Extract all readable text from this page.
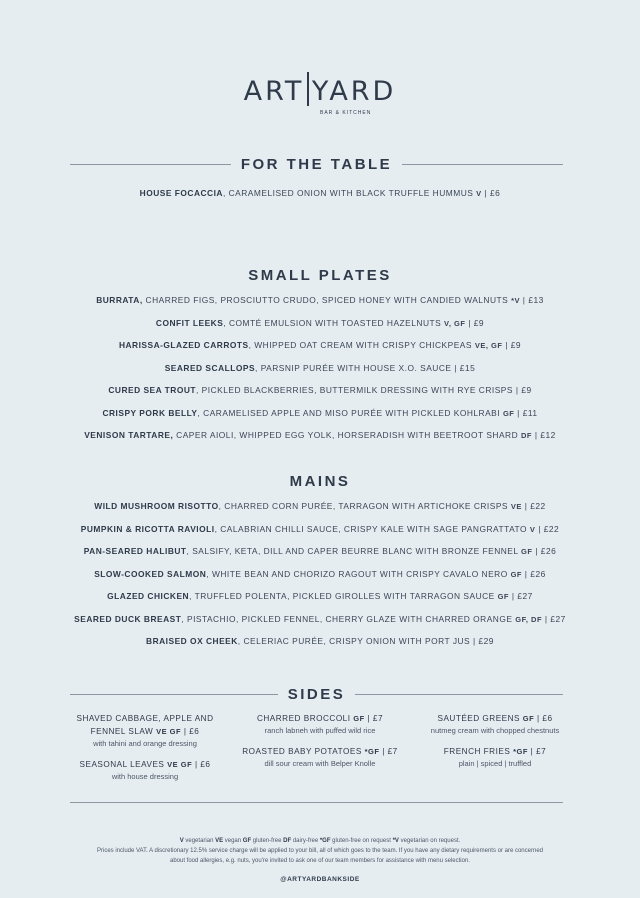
ART YARD
BAR & KITCHEN
FOR THE TABLE
HOUSE FOCACCIA, CARAMELISED ONION WITH BLACK TRUFFLE HUMMUS V | £6
SMALL PLATES
BURRATA, CHARRED FIGS, PROSCIUTTO CRUDO, SPICED HONEY WITH CANDIED WALNUTS *V | £13
CONFIT LEEKS, COMTÉ EMULSION WITH TOASTED HAZELNUTS V, GF | £9
HARISSA-GLAZED CARROTS, WHIPPED OAT CREAM WITH CRISPY CHICKPEAS VE, GF | £9
SEARED SCALLOPS, PARSNIP PURÉE WITH HOUSE X.O. SAUCE | £15
CURED SEA TROUT, PICKLED BLACKBERRIES, BUTTERMILK DRESSING WITH RYE CRISPS | £9
CRISPY PORK BELLY, CARAMELISED APPLE AND MISO PURÉE WITH PICKLED KOHLRABI GF | £11
VENISON TARTARE, CAPER AIOLI, WHIPPED EGG YOLK, HORSERADISH WITH BEETROOT SHARD DF | £12
MAINS
WILD MUSHROOM RISOTTO, CHARRED CORN PURÉE, TARRAGON WITH ARTICHOKE CRISPS VE | £22
PUMPKIN & RICOTTA RAVIOLI, CALABRIAN CHILLI SAUCE, CRISPY KALE WITH SAGE PANGRATTATO V | £22
PAN-SEARED HALIBUT, SALSIFY, KETA, DILL AND CAPER BEURRE BLANC WITH BRONZE FENNEL GF | £26
SLOW-COOKED SALMON, WHITE BEAN AND CHORIZO RAGOUT WITH CRISPY CAVALO NERO GF | £26
GLAZED CHICKEN, TRUFFLED POLENTA, PICKLED GIROLLES WITH TARRAGON SAUCE GF | £27
SEARED DUCK BREAST, PISTACHIO, PICKLED FENNEL, CHERRY GLAZE WITH CHARRED ORANGE GF, DF | £27
BRAISED OX CHEEK, CELERIAC PURÉE, CRISPY ONION WITH PORT JUS | £29
SIDES
SHAVED CABBAGE, APPLE AND
FENNEL SLAW VE GF | £6
with tahini and orange dressing
SEASONAL LEAVES VE GF | £6
with house dressing
CHARRED BROCCOLI GF | £7
ranch labneh with puffed wild rice
ROASTED BABY POTATOES *GF | £7
dill sour cream with Belper Knolle
SAUTÉED GREENS GF | £6
nutmeg cream with chopped chestnuts
FRENCH FRIES *GF | £7
plain | spiced | truffled
V vegetarian VE vegan GF gluten-free DF dairy-free *GF gluten-free on request *V vegetarian on request.
Prices include VAT. A discretionary 12.5% service charge will be applied to your bill, all of which goes to the team. If you have any dietary requirements or are concerned
about food allergies, e.g. nuts, you're invited to ask one of our team members for assistance with menu selection.
@ARTYARDBANKSIDE
